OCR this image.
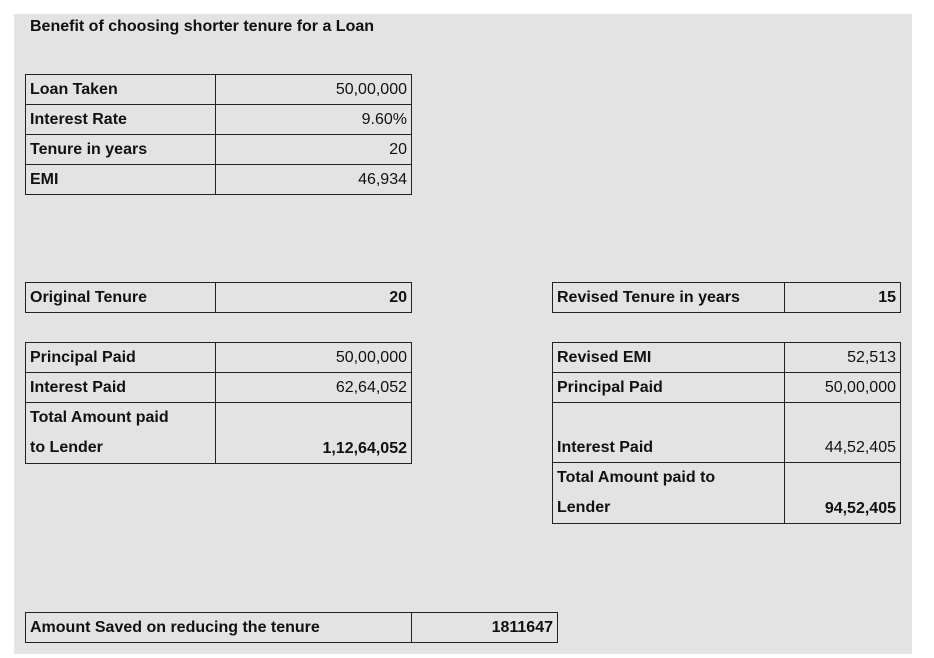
Benefit of choosing shorter tenure for a Loan
Loan Taken	50,00,000
Interest Rate	9.60%
Tenure in years	20
EMI	46,934
Original Tenure	20
Principal Paid	50,00,000
Interest Paid	62,64,052

Total Amount paid
to Lender	1,12,64,052
Revised Tenure in years	15
Revised EMI	52,513
Principal Paid	50,00,000
Interest Paid	44,52,405

Total Amount paid to
Lender	94,52,405
Amount Saved on reducing the tenure	1811647
